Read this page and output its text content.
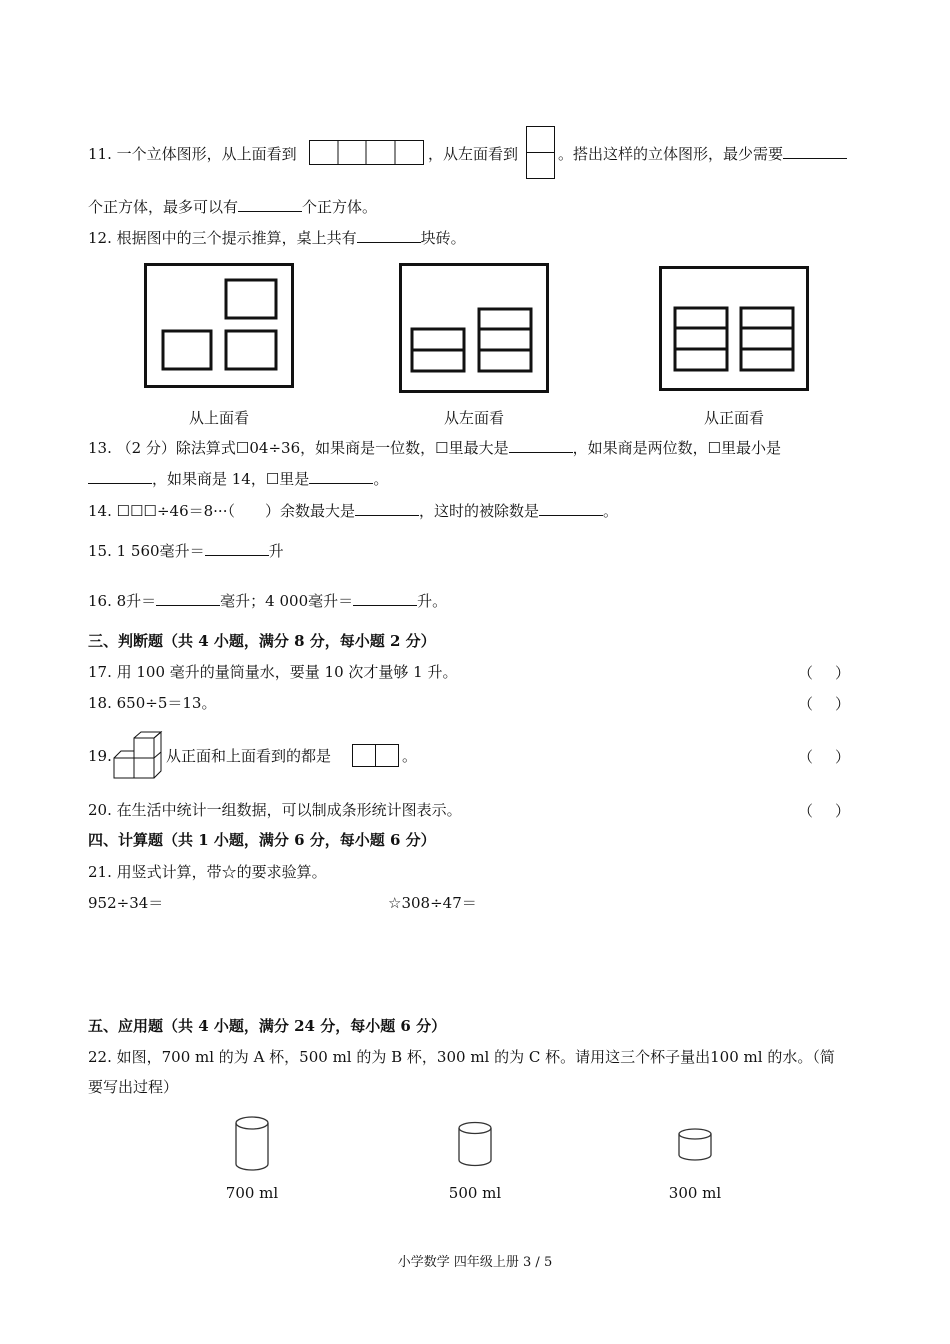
11. 一个立体图形，从上面看到	，从左面看到	。搭出这样的立体图形，最少需要
个正方体，最多可以有	个正方体。
12. 根据图中的三个提示推算，桌上共有	块砖。
从上面看	从左面看	从正面看
13. （2 分）除法算式☐04÷36，如果商是一位数，☐里最大是	，如果商是两位数，☐里最小是
，如果商是 14，☐里是	。
14. ☐☐☐÷46＝8···（　　）余数最大是	，这时的被除数是	。
15. 1 560毫升＝	升
16. 8升＝	毫升；4 000毫升＝	升。
三、判断题（共 4 小题，满分 8 分，每小题 2 分）
17. 用 100 毫升的量筒量水，要量 10 次才量够 1 升。	（ ）
18. 650÷5＝13。	（ ）
19.	从正面和上面看到的都是	。	（ ）
20. 在生活中统计一组数据，可以制成条形统计图表示。	（ ）
四、计算题（共 1 小题，满分 6 分，每小题 6 分）
21. 用竖式计算，带☆的要求验算。
952÷34＝	☆308÷47＝
五、应用题（共 4 小题，满分 24 分，每小题 6 分）
22. 如图，700 ml 的为 A 杯，500 ml 的为 B 杯，300 ml 的为 C 杯。请用这三个杯子量出100 ml 的水。（简
要写出过程）
700 ml	500 ml	300 ml
小学数学 四年级上册 3 / 5
